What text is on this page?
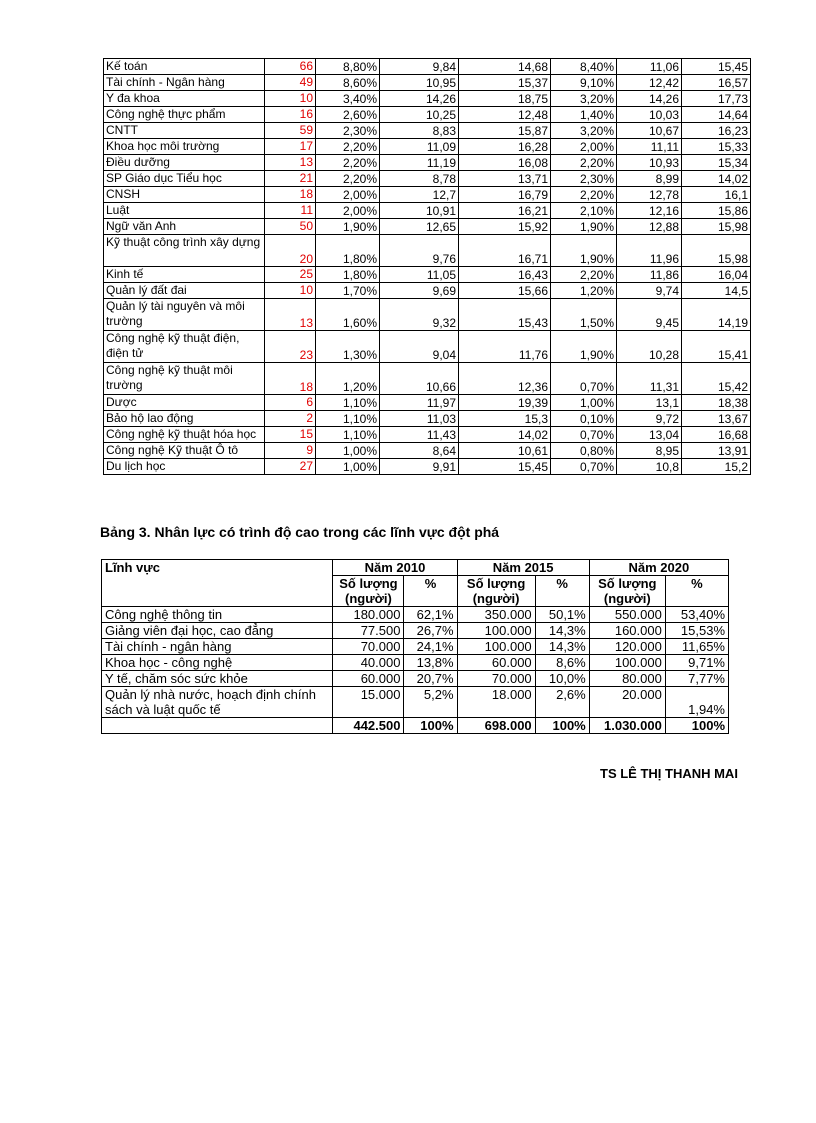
Kế toán	66	8,80%	9,84	14,68	8,40%	11,06	15,45
Tài chính - Ngân hàng	49	8,60%	10,95	15,37	9,10%	12,42	16,57
Y đa khoa	10	3,40%	14,26	18,75	3,20%	14,26	17,73
Công nghệ thực phẩm	16	2,60%	10,25	12,48	1,40%	10,03	14,64
CNTT	59	2,30%	8,83	15,87	3,20%	10,67	16,23
Khoa học môi trường	17	2,20%	11,09	16,28	2,00%	11,11	15,33
Điều dưỡng	13	2,20%	11,19	16,08	2,20%	10,93	15,34
SP Giáo dục Tiểu học	21	2,20%	8,78	13,71	2,30%	8,99	14,02
CNSH	18	2,00%	12,7	16,79	2,20%	12,78	16,1
Luật	11	2,00%	10,91	16,21	2,10%	12,16	15,86
Ngữ văn Anh	50	1,90%	12,65	15,92	1,90%	12,88	15,98
Kỹ thuật công trình xây dựng	20	1,80%	9,76	16,71	1,90%	11,96	15,98
Kinh tế	25	1,80%	11,05	16,43	2,20%	11,86	16,04
Quản lý đất đai	10	1,70%	9,69	15,66	1,20%	9,74	14,5
Quản lý tài nguyên và môi trường	13	1,60%	9,32	15,43	1,50%	9,45	14,19
Công nghệ kỹ thuật điện, điện tử	23	1,30%	9,04	11,76	1,90%	10,28	15,41
Công nghệ kỹ thuật môi trường	18	1,20%	10,66	12,36	0,70%	11,31	15,42
Dược	6	1,10%	11,97	19,39	1,00%	13,1	18,38
Bảo hộ lao động	2	1,10%	11,03	15,3	0,10%	9,72	13,67
Công nghệ kỹ thuật hóa học	15	1,10%	11,43	14,02	0,70%	13,04	16,68
Công nghệ Kỹ thuật Ô tô	9	1,00%	8,64	10,61	0,80%	8,95	13,91
Du lịch học	27	1,00%	9,91	15,45	0,70%	10,8	15,2
Bảng 3. Nhân lực có trình độ cao trong các lĩnh vực đột phá
Lĩnh vực	Năm 2010		Năm 2015		Năm 2020	
	Số lượng (người)	%	Số lượng (người)	%	Số lượng (người)	%
Công nghệ thông tin	180.000	62,1%	350.000	50,1%	550.000	53,40%
Giảng viên đại học, cao đẳng	77.500	26,7%	100.000	14,3%	160.000	15,53%
Tài chính - ngân hàng	70.000	24,1%	100.000	14,3%	120.000	11,65%
Khoa học - công nghệ	40.000	13,8%	60.000	8,6%	100.000	9,71%
Y tế, chăm sóc sức khỏe	60.000	20,7%	70.000	10,0%	80.000	7,77%
Quản lý nhà nước, hoạch định chính sách và luật quốc tế	15.000	5,2%	18.000	2,6%	20.000	1,94%
	442.500	100%	698.000	100%	1.030.000	100%
TS LÊ THỊ THANH MAI
